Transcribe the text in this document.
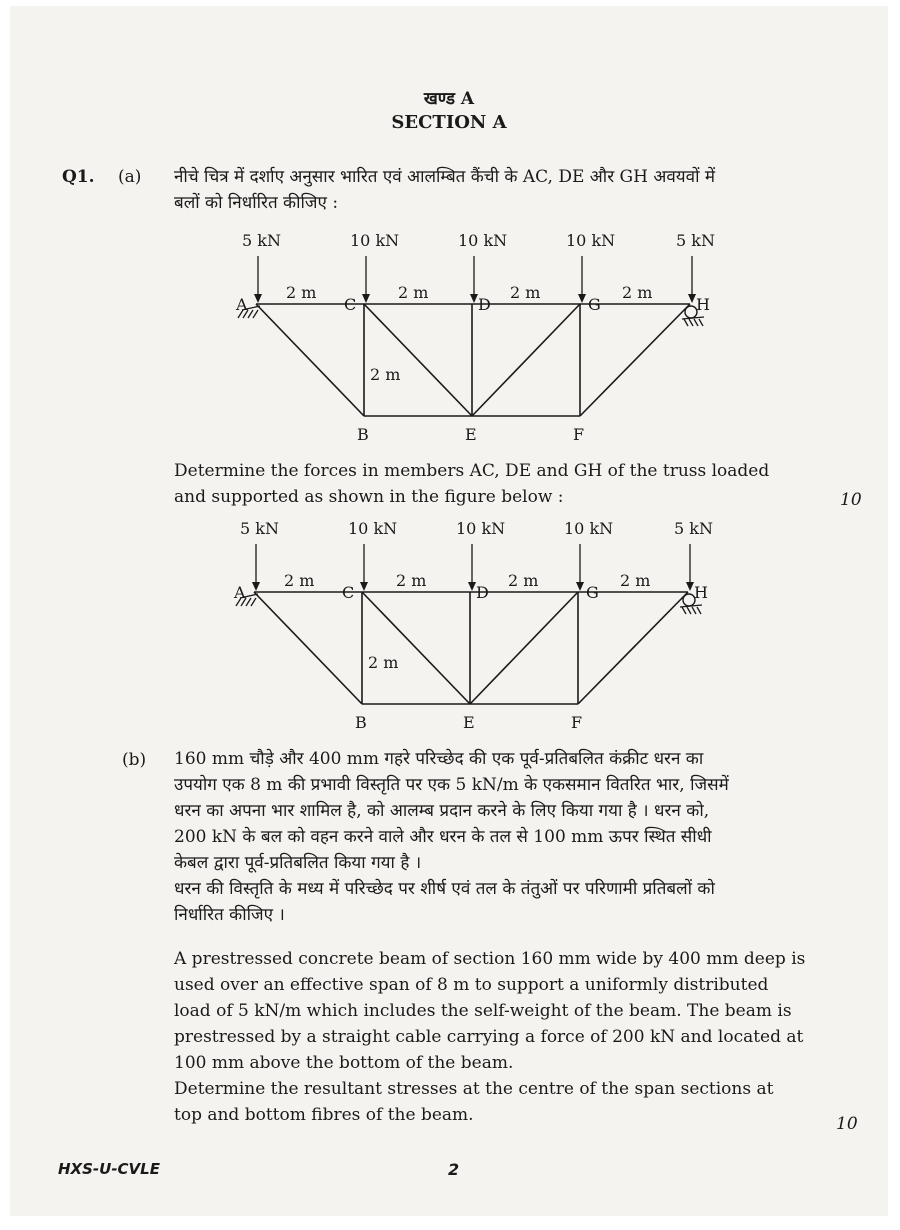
खण्ड A
SECTION A
Q1. (a) नीचे चित्र में दर्शाए अनुसार भारित एवं आलम्बित कैंची के AC, DE और GH अवयवों में
बलों को निर्धारित कीजिए :
5 kN	10 kN	10 kN	10 kN	5 kN
A	C	D	G	H
B	E	F
2 m	2 m	2 m	2 m
2 m
Determine the forces in members AC, DE and GH of the truss loaded
and supported as shown in the figure below :	10
5 kN	10 kN	10 kN	10 kN	5 kN
A	C	D	G	H
B	E	F
2 m	2 m	2 m	2 m
2 m
(b) 160 mm चौड़े और 400 mm गहरे परिच्छेद की एक पूर्व-प्रतिबलित कंक्रीट धरन का
उपयोग एक 8 m की प्रभावी विस्तृति पर एक 5 kN/m के एकसमान वितरित भार, जिसमें
धरन का अपना भार शामिल है, को आलम्ब प्रदान करने के लिए किया गया है । धरन को,
200 kN के बल को वहन करने वाले और धरन के तल से 100 mm ऊपर स्थित सीधी
केबल द्वारा पूर्व-प्रतिबलित किया गया है ।
धरन की विस्तृति के मध्य में परिच्छेद पर शीर्ष एवं तल के तंतुओं पर परिणामी प्रतिबलों को
निर्धारित कीजिए ।
A prestressed concrete beam of section 160 mm wide by 400 mm deep is
used over an effective span of 8 m to support a uniformly distributed
load of 5 kN/m which includes the self-weight of the beam. The beam is
prestressed by a straight cable carrying a force of 200 kN and located at
100 mm above the bottom of the beam.
Determine the resultant stresses at the centre of the span sections at
top and bottom fibres of the beam.	10
HXS-U-CVLE	2
